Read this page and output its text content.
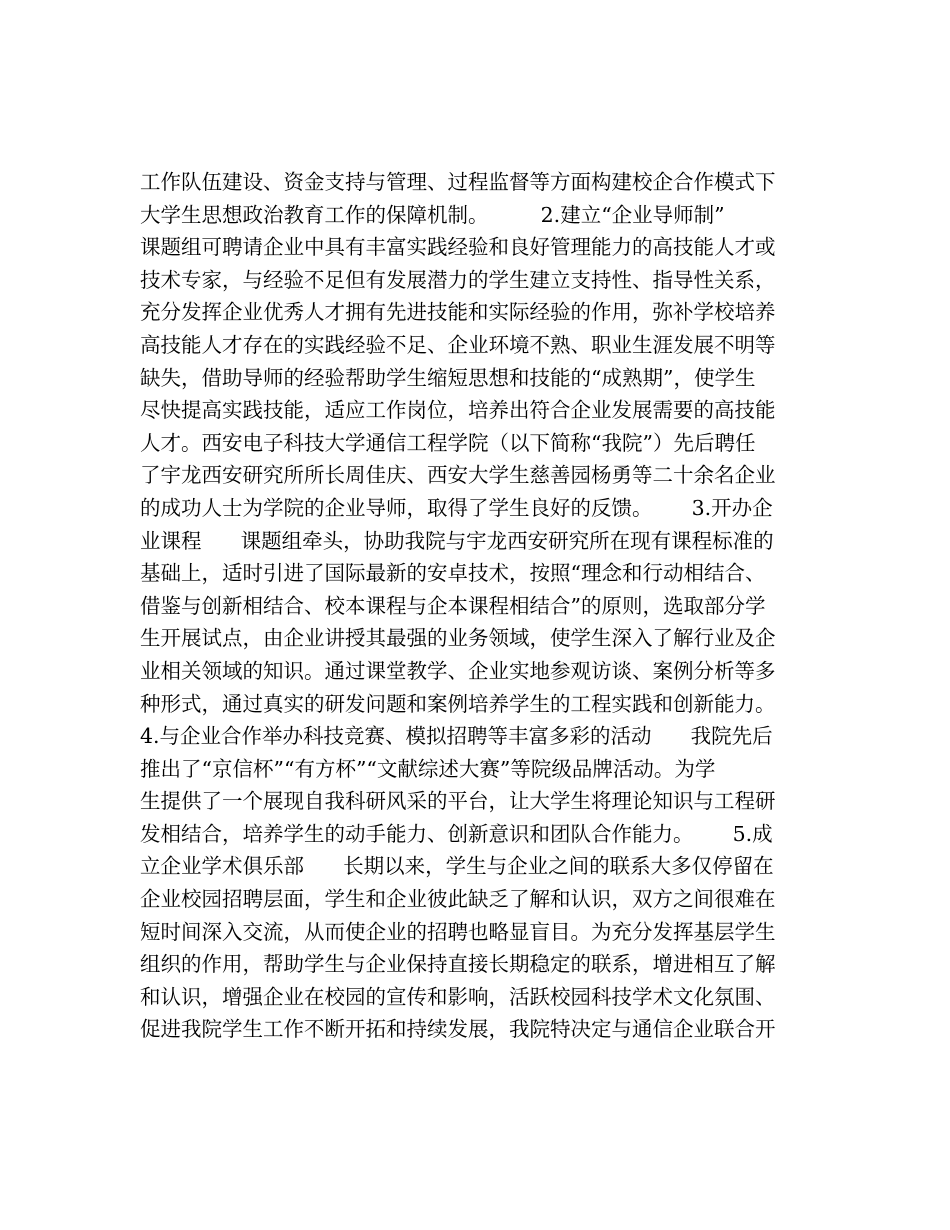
工作队伍建设、资金支持与管理、过程监督等方面构建校企合作模式下
大学生思想政治教育工作的保障机制。        2.建立“企业导师制”
课题组可聘请企业中具有丰富实践经验和良好管理能力的高技能人才或
技术专家，与经验不足但有发展潜力的学生建立支持性、指导性关系，
充分发挥企业优秀人才拥有先进技能和实际经验的作用，弥补学校培养
高技能人才存在的实践经验不足、企业环境不熟、职业生涯发展不明等
缺失，借助导师的经验帮助学生缩短思想和技能的“成熟期”，使学生
尽快提高实践技能，适应工作岗位，培养出符合企业发展需要的高技能
人才。西安电子科技大学通信工程学院（以下简称“我院”）先后聘任
了宇龙西安研究所所长周佳庆、西安大学生慈善园杨勇等二十余名企业
的成功人士为学院的企业导师，取得了学生良好的反馈。      3.开办企
业课程      课题组牵头，协助我院与宇龙西安研究所在现有课程标准的
基础上，适时引进了国际最新的安卓技术，按照“理念和行动相结合、
借鉴与创新相结合、校本课程与企本课程相结合”的原则，选取部分学
生开展试点，由企业讲授其最强的业务领域，使学生深入了解行业及企
业相关领域的知识。通过课堂教学、企业实地参观访谈、案例分析等多
种形式，通过真实的研发问题和案例培养学生的工程实践和创新能力。
4.与企业合作举办科技竞赛、模拟招聘等丰富多彩的活动      我院先后
推出了“京信杯”“有方杯”“文献综述大赛”等院级品牌活动。为学
生提供了一个展现自我科研风采的平台，让大学生将理论知识与工程研
发相结合，培养学生的动手能力、创新意识和团队合作能力。      5.成
立企业学术俱乐部      长期以来，学生与企业之间的联系大多仅停留在
企业校园招聘层面，学生和企业彼此缺乏了解和认识，双方之间很难在
短时间深入交流，从而使企业的招聘也略显盲目。为充分发挥基层学生
组织的作用，帮助学生与企业保持直接长期稳定的联系，增进相互了解
和认识，增强企业在校园的宣传和影响，活跃校园科技学术文化氛围、
促进我院学生工作不断开拓和持续发展，我院特决定与通信企业联合开
